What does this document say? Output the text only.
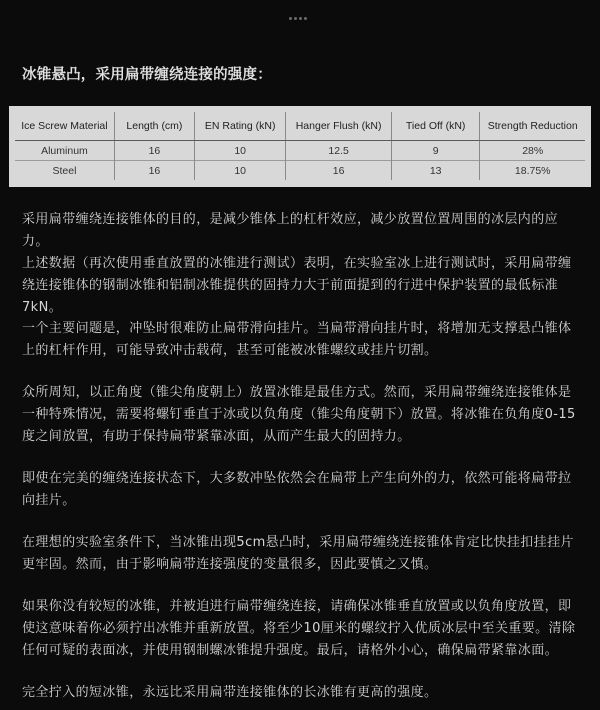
冰锥悬凸，采用扁带缠绕连接的强度：
Ice Screw Material	Length (cm)	EN Rating (kN)	Hanger Flush (kN)	Tied Off (kN)	Strength Reduction
Aluminum	16	10	12.5	9	28%
Steel	16	10	16	13	18.75%

采用扁带缠绕连接锥体的目的，是减少锥体上的杠杆效应，减少放置位置周围的冰层内的应力。

上述数据（再次使用垂直放置的冰锥进行测试）表明，在实验室冰上进行测试时，采用扁带缠绕连接锥体的钢制冰锥和铝制冰锥提供的固持力大于前面提到的行进中保护装置的最低标准7kN。

一个主要问题是，冲坠时很难防止扁带滑向挂片。当扁带滑向挂片时，将增加无支撑悬凸锥体上的杠杆作用，可能导致冲击载荷，甚至可能被冰锥螺纹或挂片切割。

众所周知，以正角度（锥尖角度朝上）放置冰锥是最佳方式。然而，采用扁带缠绕连接锥体是一种特殊情况，需要将螺钉垂直于冰或以负角度（锥尖角度朝下）放置。将冰锥在负角度0-15度之间放置，有助于保持扁带紧靠冰面，从而产生最大的固持力。

即使在完美的缠绕连接状态下，大多数冲坠依然会在扁带上产生向外的力，依然可能将扁带拉向挂片。

在理想的实验室条件下，当冰锥出现5cm悬凸时，采用扁带缠绕连接锥体肯定比快挂扣挂挂片更牢固。然而，由于影响扁带连接强度的变量很多，因此要慎之又慎。

如果你没有较短的冰锥，并被迫进行扁带缠绕连接，请确保冰锥垂直放置或以负角度放置，即使这意味着你必须拧出冰锥并重新放置。将至少10厘米的螺纹拧入优质冰层中至关重要。清除任何可疑的表面冰，并使用钢制螺冰锥提升强度。最后，请格外小心，确保扁带紧靠冰面。

完全拧入的短冰锥，永远比采用扁带连接锥体的长冰锥有更高的强度。
